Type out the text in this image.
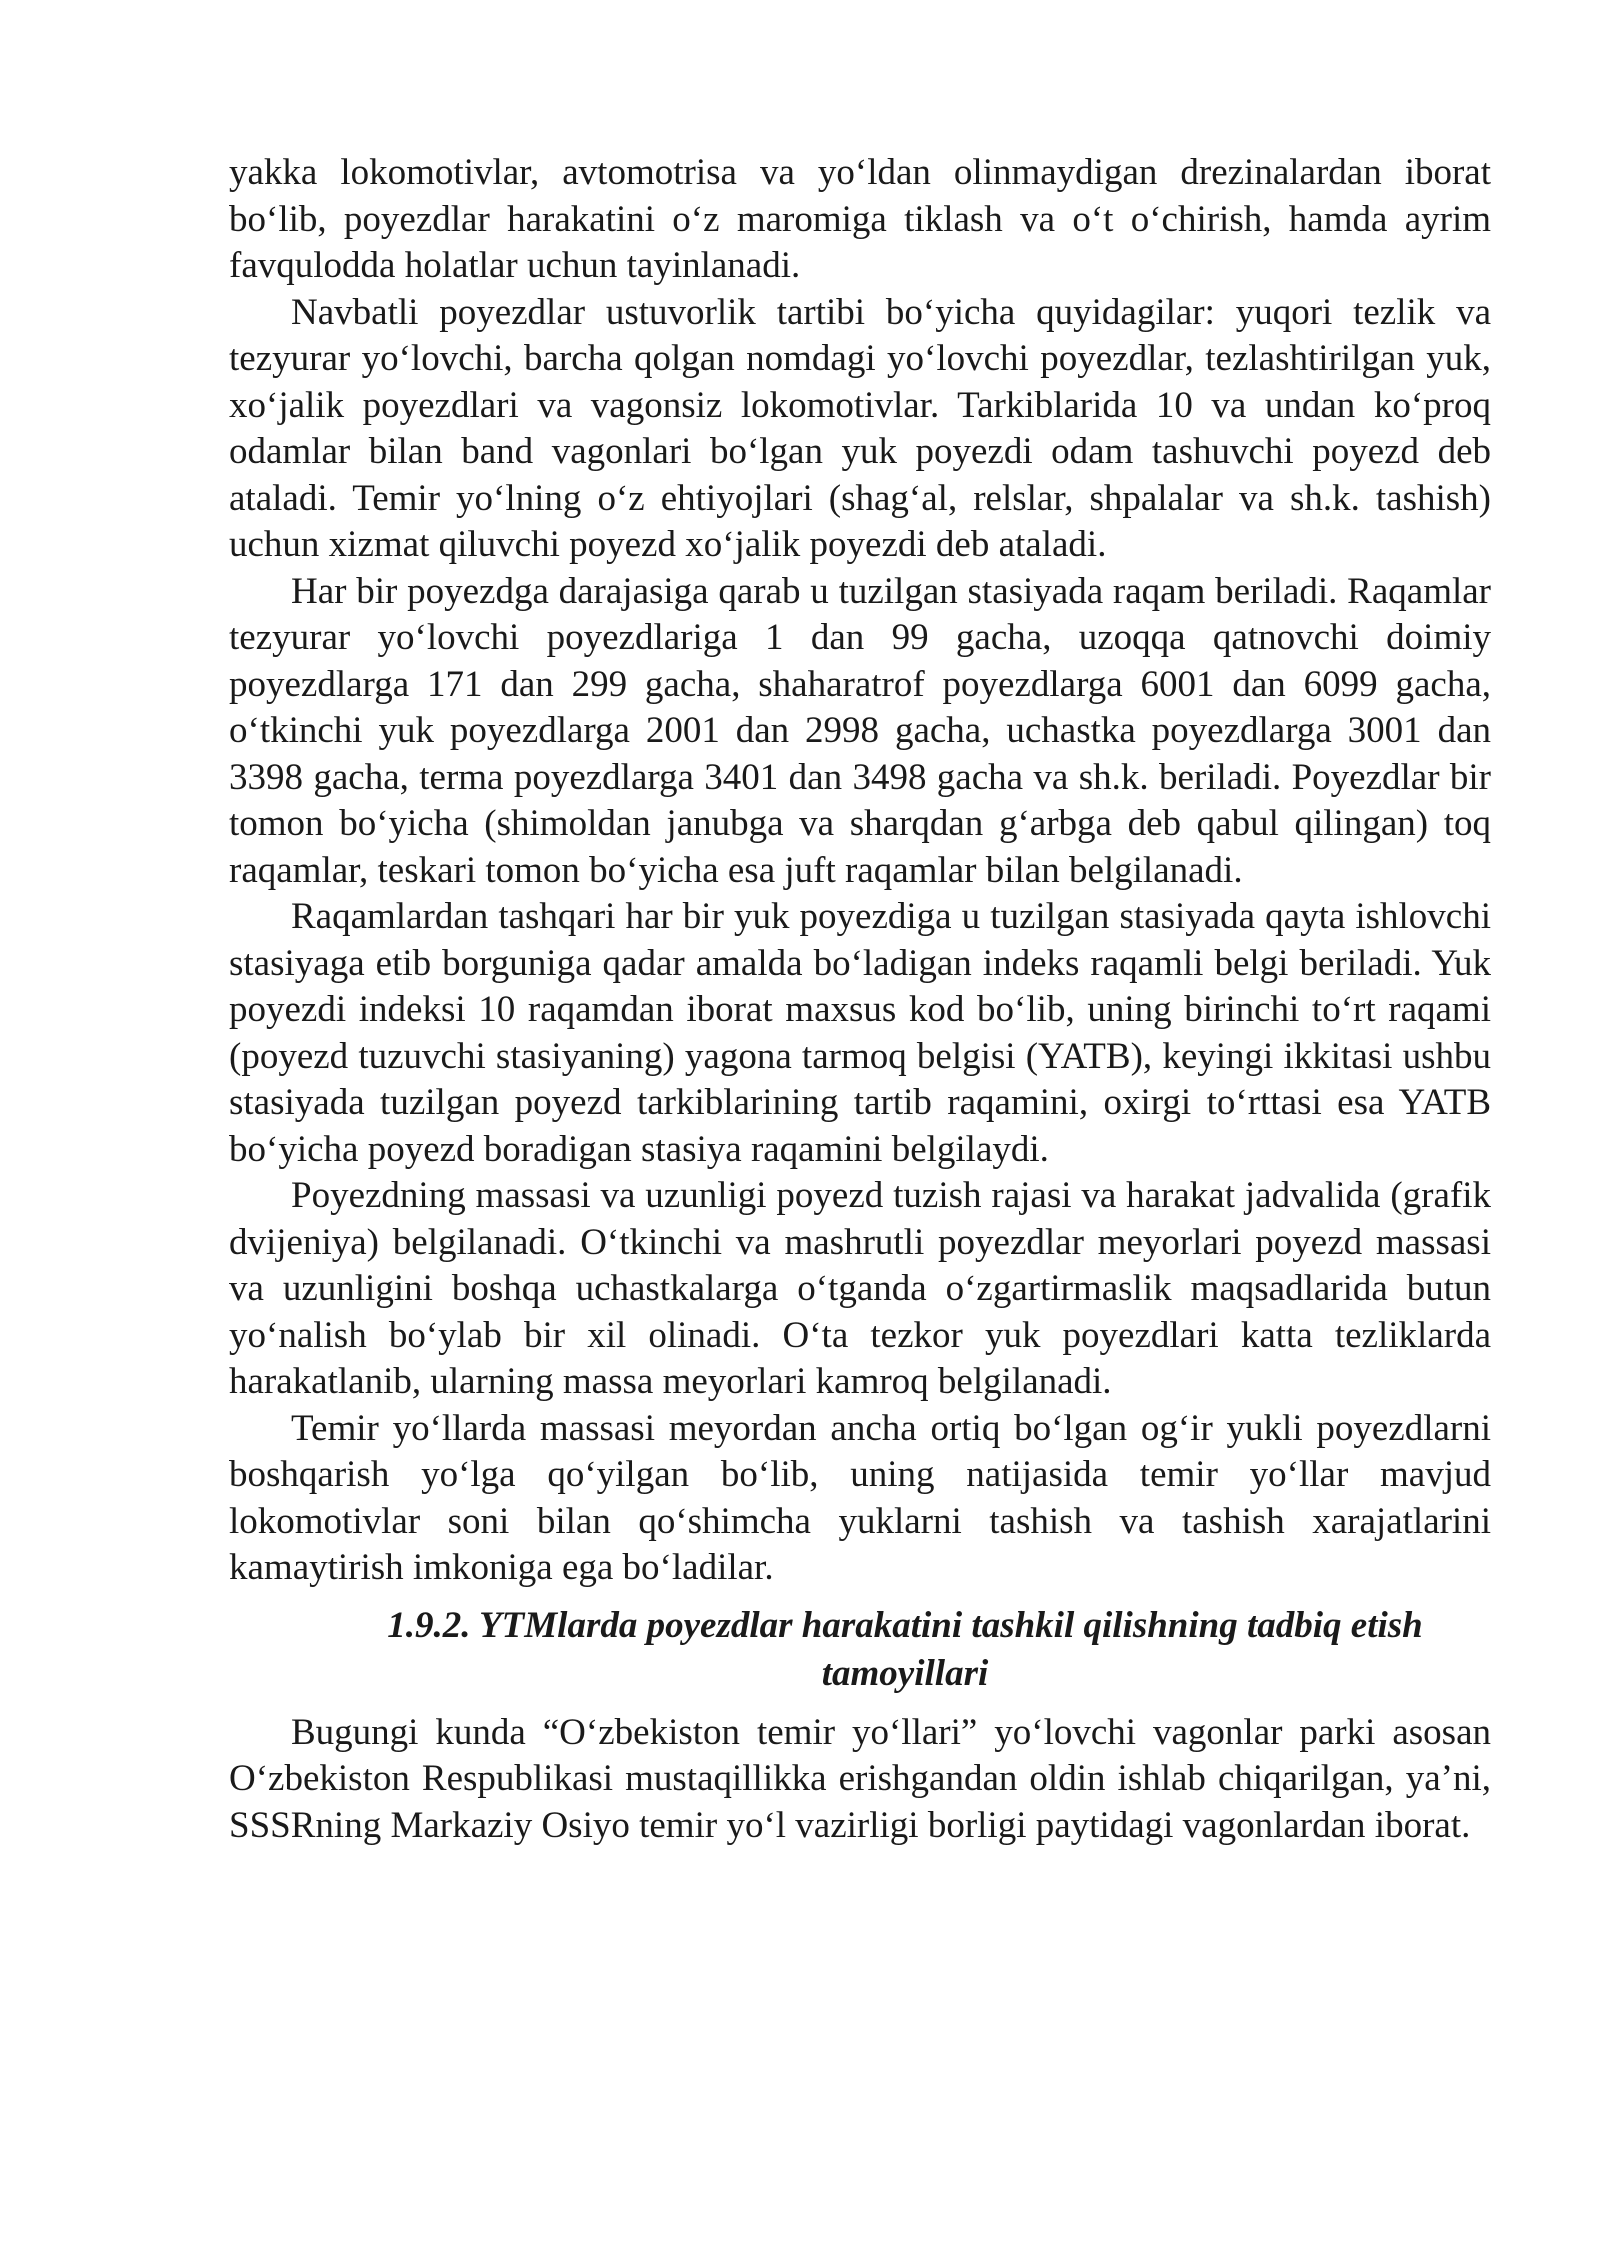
yakka lokomotivlar, avtomotrisa va yo‘ldan olinmaydigan drezinalardan iborat bo‘lib, poyezdlar harakatini o‘z maromiga tiklash va o‘t o‘chirish, hamda ayrim favqulodda holatlar uchun tayinlanadi.

Navbatli poyezdlar ustuvorlik tartibi bo‘yicha quyidagilar: yuqori tezlik va tezyurar yo‘lovchi, barcha qolgan nomdagi yo‘lovchi poyezdlar, tezlashtirilgan yuk, xo‘jalik poyezdlari va vagonsiz lokomotivlar. Tarkiblarida 10 va undan ko‘proq odamlar bilan band vagonlari bo‘lgan yuk poyezdi odam tashuvchi poyezd deb ataladi. Temir yo‘lning o‘z ehtiyojlari (shag‘al, relslar, shpalalar va sh.k. tashish) uchun xizmat qiluvchi poyezd xo‘jalik poyezdi deb ataladi.

Har bir poyezdga darajasiga qarab u tuzilgan stasiyada raqam beriladi. Raqamlar tezyurar yo‘lovchi poyezdlariga 1 dan 99 gacha, uzoqqa qatnovchi doimiy poyezdlarga 171 dan 299 gacha, shaharatrof poyezdlarga 6001 dan 6099 gacha, o‘tkinchi yuk poyezdlarga 2001 dan 2998 gacha, uchastka poyezdlarga 3001 dan 3398 gacha, terma poyezdlarga 3401 dan 3498 gacha va sh.k. beriladi. Poyezdlar bir tomon bo‘yicha (shimoldan janubga va sharqdan g‘arbga deb qabul qilingan) toq raqamlar, teskari tomon bo‘yicha esa juft raqamlar bilan belgilanadi.

Raqamlardan tashqari har bir yuk poyezdiga u tuzilgan stasiyada qayta ishlovchi stasiyaga etib borguniga qadar amalda bo‘ladigan indeks raqamli belgi beriladi. Yuk poyezdi indeksi 10 raqamdan iborat maxsus kod bo‘lib, uning birinchi to‘rt raqami (poyezd tuzuvchi stasiyaning) yagona tarmoq belgisi (YATB), keyingi ikkitasi ushbu stasiyada tuzilgan poyezd tarkiblarining tartib raqamini, oxirgi to‘rttasi esa YATB bo‘yicha poyezd boradigan stasiya raqamini belgilaydi.

Poyezdning massasi va uzunligi poyezd tuzish rajasi va harakat jadvalida (grafik dvijeniya) belgilanadi. O‘tkinchi va mashrutli poyezdlar meyorlari poyezd massasi va uzunligini boshqa uchastkalarga o‘tganda o‘zgartirmaslik maqsadlarida butun yo‘nalish bo‘ylab bir xil olinadi. O‘ta tezkor yuk poyezdlari katta tezliklarda harakatlanib, ularning massa meyorlari kamroq belgilanadi.

Temir yo‘llarda massasi meyordan ancha ortiq bo‘lgan og‘ir yukli poyezdlarni boshqarish yo‘lga qo‘yilgan bo‘lib, uning natijasida temir yo‘llar mavjud lokomotivlar soni bilan qo‘shimcha yuklarni tashish va tashish xarajatlarini kamaytirish imkoniga ega bo‘ladilar.

1.9.2. YTMlarda poyezdlar harakatini tashkil qilishning tadbiq etish tamoyillari

Bugungi kunda “O‘zbekiston temir yo‘llari” yo‘lovchi vagonlar parki asosan O‘zbekiston Respublikasi mustaqillikka erishgandan oldin ishlab chiqarilgan, ya’ni, SSSRning Markaziy Osiyo temir yo‘l vazirligi borligi paytidagi vagonlardan iborat.
